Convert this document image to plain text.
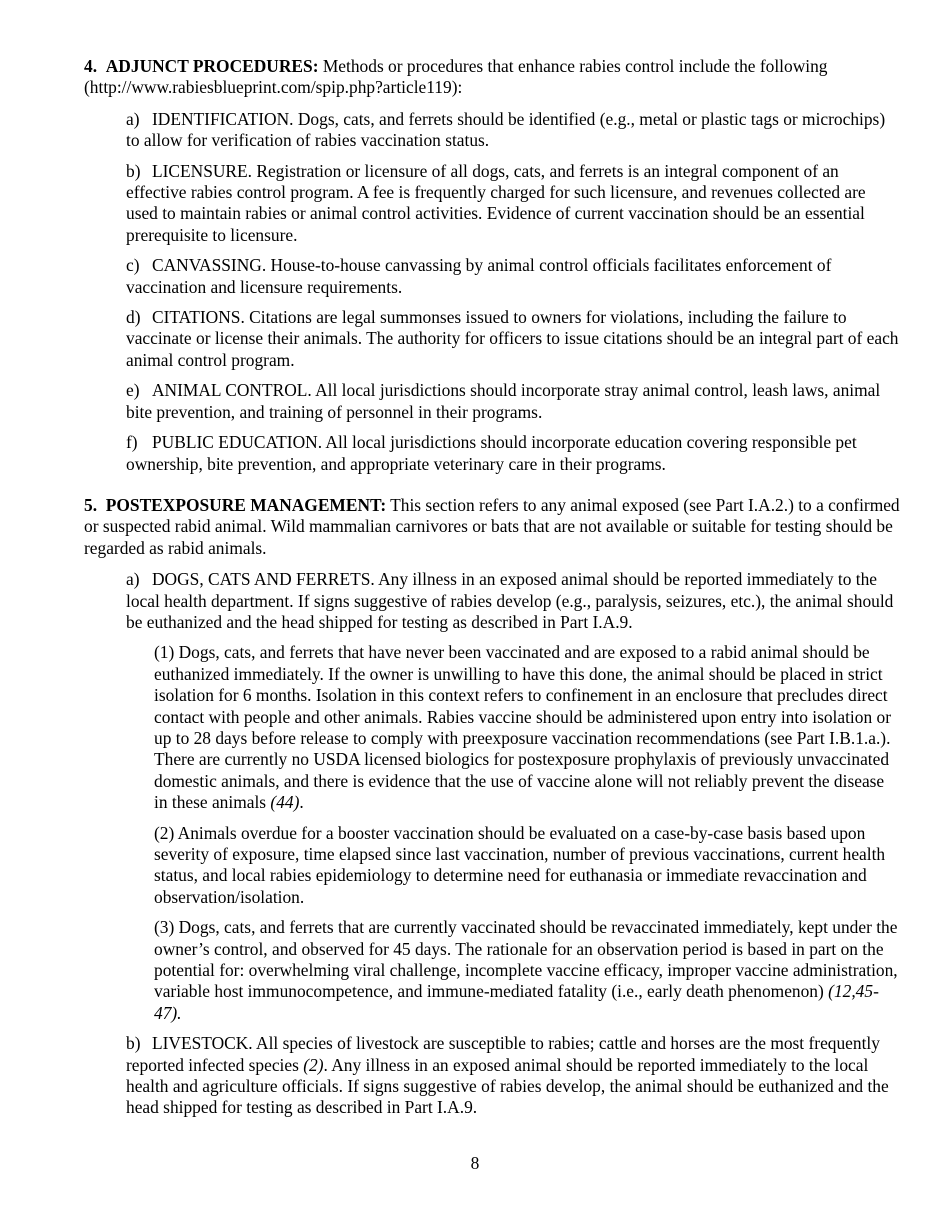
4. ADJUNCT PROCEDURES: Methods or procedures that enhance rabies control include the following (http://www.rabiesblueprint.com/spip.php?article119):

a) IDENTIFICATION. Dogs, cats, and ferrets should be identified (e.g., metal or plastic tags or microchips) to allow for verification of rabies vaccination status.

b) LICENSURE. Registration or licensure of all dogs, cats, and ferrets is an integral component of an effective rabies control program. A fee is frequently charged for such licensure, and revenues collected are used to maintain rabies or animal control activities. Evidence of current vaccination should be an essential prerequisite to licensure.

c) CANVASSING. House-to-house canvassing by animal control officials facilitates enforcement of vaccination and licensure requirements.

d) CITATIONS. Citations are legal summonses issued to owners for violations, including the failure to vaccinate or license their animals. The authority for officers to issue citations should be an integral part of each animal control program.

e) ANIMAL CONTROL. All local jurisdictions should incorporate stray animal control, leash laws, animal bite prevention, and training of personnel in their programs.

f) PUBLIC EDUCATION. All local jurisdictions should incorporate education covering responsible pet ownership, bite prevention, and appropriate veterinary care in their programs.

5. POSTEXPOSURE MANAGEMENT: This section refers to any animal exposed (see Part I.A.2.) to a confirmed or suspected rabid animal. Wild mammalian carnivores or bats that are not available or suitable for testing should be regarded as rabid animals.

a) DOGS, CATS AND FERRETS. Any illness in an exposed animal should be reported immediately to the local health department. If signs suggestive of rabies develop (e.g., paralysis, seizures, etc.), the animal should be euthanized and the head shipped for testing as described in Part I.A.9.

(1) Dogs, cats, and ferrets that have never been vaccinated and are exposed to a rabid animal should be euthanized immediately. If the owner is unwilling to have this done, the animal should be placed in strict isolation for 6 months. Isolation in this context refers to confinement in an enclosure that precludes direct contact with people and other animals. Rabies vaccine should be administered upon entry into isolation or up to 28 days before release to comply with preexposure vaccination recommendations (see Part I.B.1.a.). There are currently no USDA licensed biologics for postexposure prophylaxis of previously unvaccinated domestic animals, and there is evidence that the use of vaccine alone will not reliably prevent the disease in these animals (44).

(2) Animals overdue for a booster vaccination should be evaluated on a case-by-case basis based upon severity of exposure, time elapsed since last vaccination, number of previous vaccinations, current health status, and local rabies epidemiology to determine need for euthanasia or immediate revaccination and observation/isolation.

(3) Dogs, cats, and ferrets that are currently vaccinated should be revaccinated immediately, kept under the owner’s control, and observed for 45 days. The rationale for an observation period is based in part on the potential for: overwhelming viral challenge, incomplete vaccine efficacy, improper vaccine administration, variable host immunocompetence, and immune-mediated fatality (i.e., early death phenomenon) (12,45-47).

b) LIVESTOCK. All species of livestock are susceptible to rabies; cattle and horses are the most frequently reported infected species (2). Any illness in an exposed animal should be reported immediately to the local health and agriculture officials. If signs suggestive of rabies develop, the animal should be euthanized and the head shipped for testing as described in Part I.A.9.

8
